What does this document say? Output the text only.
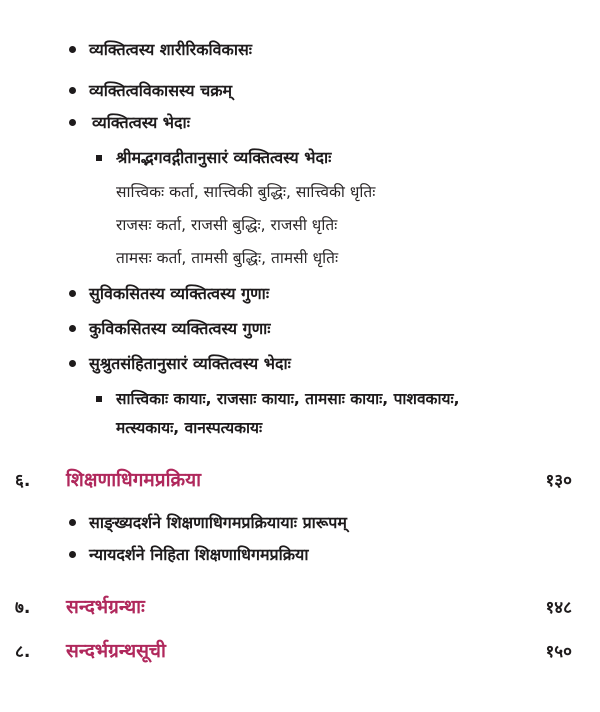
व्यक्तित्वस्य शारीरिकविकासः
व्यक्तित्वविकासस्य चक्रम्
व्यक्तित्वस्य भेदाः
श्रीमद्भगवद्गीतानुसारं व्यक्तित्वस्य भेदाः
सात्त्विकः कर्ता, सात्त्विकी बुद्धिः, सात्त्विकी धृतिः
राजसः कर्ता, राजसी बुद्धिः, राजसी धृतिः
तामसः कर्ता, तामसी बुद्धिः, तामसी धृतिः
सुविकसितस्य व्यक्तित्वस्य गुणाः
कुविकसितस्य व्यक्तित्वस्य गुणाः
सुश्रुतसंहितानुसारं व्यक्तित्वस्य भेदाः
सात्त्विकाः कायाः, राजसाः कायाः, तामसाः कायाः, पाशवकायः,
मत्स्यकायः, वानस्पत्यकायः
६. शिक्षणाधिगमप्रक्रिया	१३०
साङ्ख्यदर्शने शिक्षणाधिगमप्रक्रियायाः प्रारूपम्
न्यायदर्शने निहिता शिक्षणाधिगमप्रक्रिया
७. सन्दर्भग्रन्थाः	१४८
८. सन्दर्भग्रन्थसूची	१५०
